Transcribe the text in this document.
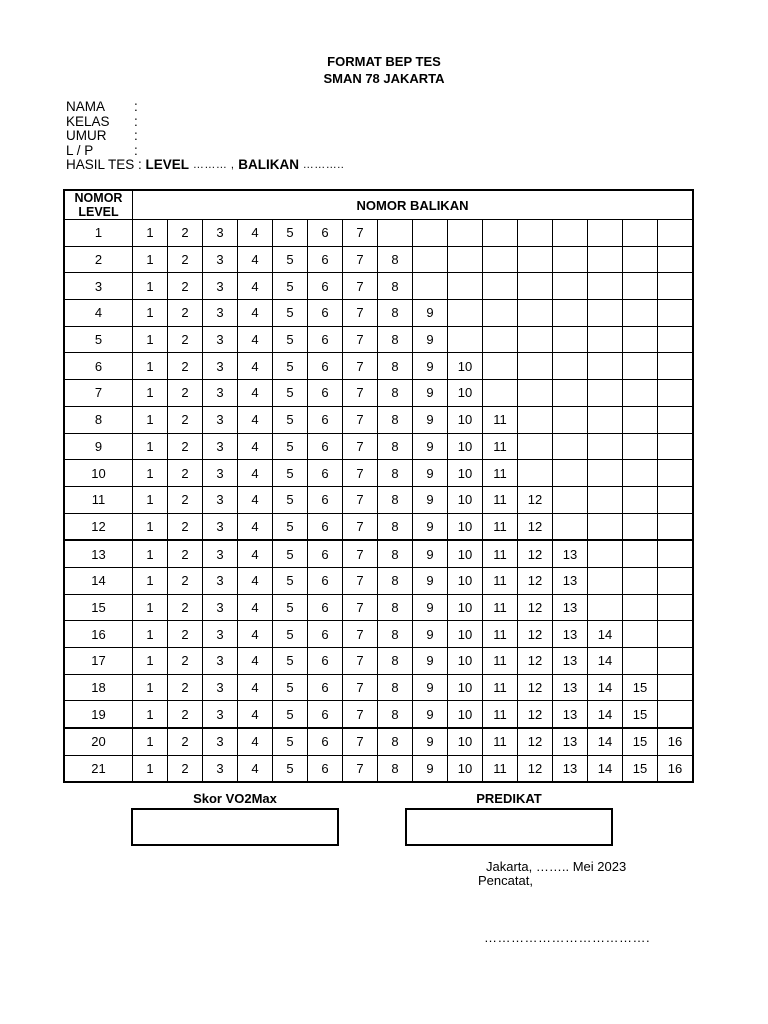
FORMAT BEP TES
SMAN 78 JAKARTA
NAMA	:
KELAS	:
UMUR	:
L / P	:
HASIL TES :
LEVEL
……… ,
BALIKAN
………..
NOMOR
LEVEL	NOMOR BALIKAN															
1	1	2	3	4	5	6	7									
2	1	2	3	4	5	6	7	8								
3	1	2	3	4	5	6	7	8								
4	1	2	3	4	5	6	7	8	9							
5	1	2	3	4	5	6	7	8	9							
6	1	2	3	4	5	6	7	8	9	10						
7	1	2	3	4	5	6	7	8	9	10						
8	1	2	3	4	5	6	7	8	9	10	11					
9	1	2	3	4	5	6	7	8	9	10	11					
10	1	2	3	4	5	6	7	8	9	10	11					
11	1	2	3	4	5	6	7	8	9	10	11	12				
12	1	2	3	4	5	6	7	8	9	10	11	12				
13	1	2	3	4	5	6	7	8	9	10	11	12	13			
14	1	2	3	4	5	6	7	8	9	10	11	12	13			
15	1	2	3	4	5	6	7	8	9	10	11	12	13			
16	1	2	3	4	5	6	7	8	9	10	11	12	13	14		
17	1	2	3	4	5	6	7	8	9	10	11	12	13	14		
18	1	2	3	4	5	6	7	8	9	10	11	12	13	14	15	
19	1	2	3	4	5	6	7	8	9	10	11	12	13	14	15	
20	1	2	3	4	5	6	7	8	9	10	11	12	13	14	15	16
21	1	2	3	4	5	6	7	8	9	10	11	12	13	14	15	16
Skor VO2Max	PREDIKAT
Jakarta, …….. Mei 2023
Pencatat,
……………………………….
